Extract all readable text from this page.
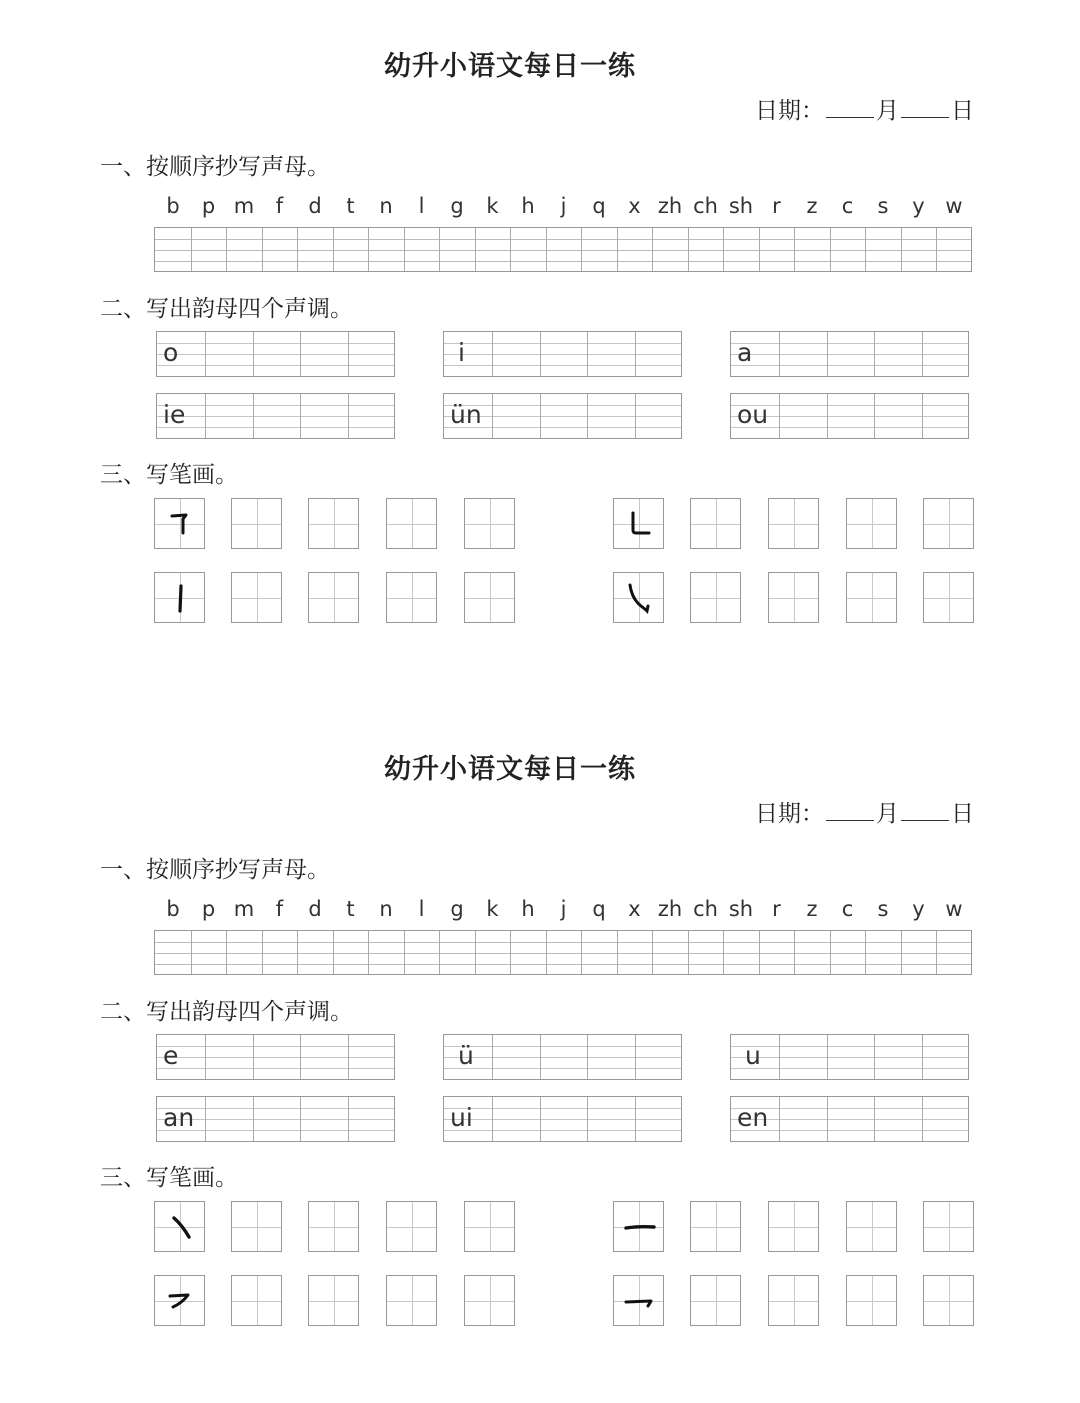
幼升小语文每日一练
日期： 月 日
一、按顺序抄写声母。
b	p m	f	d	t	n	l	g	k	h	j	q	x zh ch sh r	z	c	s	y w
二、写出韵母四个声调。
o	i	a
ie	ün	ou
三、写笔画。
幼升小语文每日一练
日期： 月 日
一、按顺序抄写声母。
b	p m	f	d	t	n	l	g	k	h	j	q	x zh ch sh r	z	c	s	y w
二、写出韵母四个声调。
e	ü	u
an	ui	en
三、写笔画。
